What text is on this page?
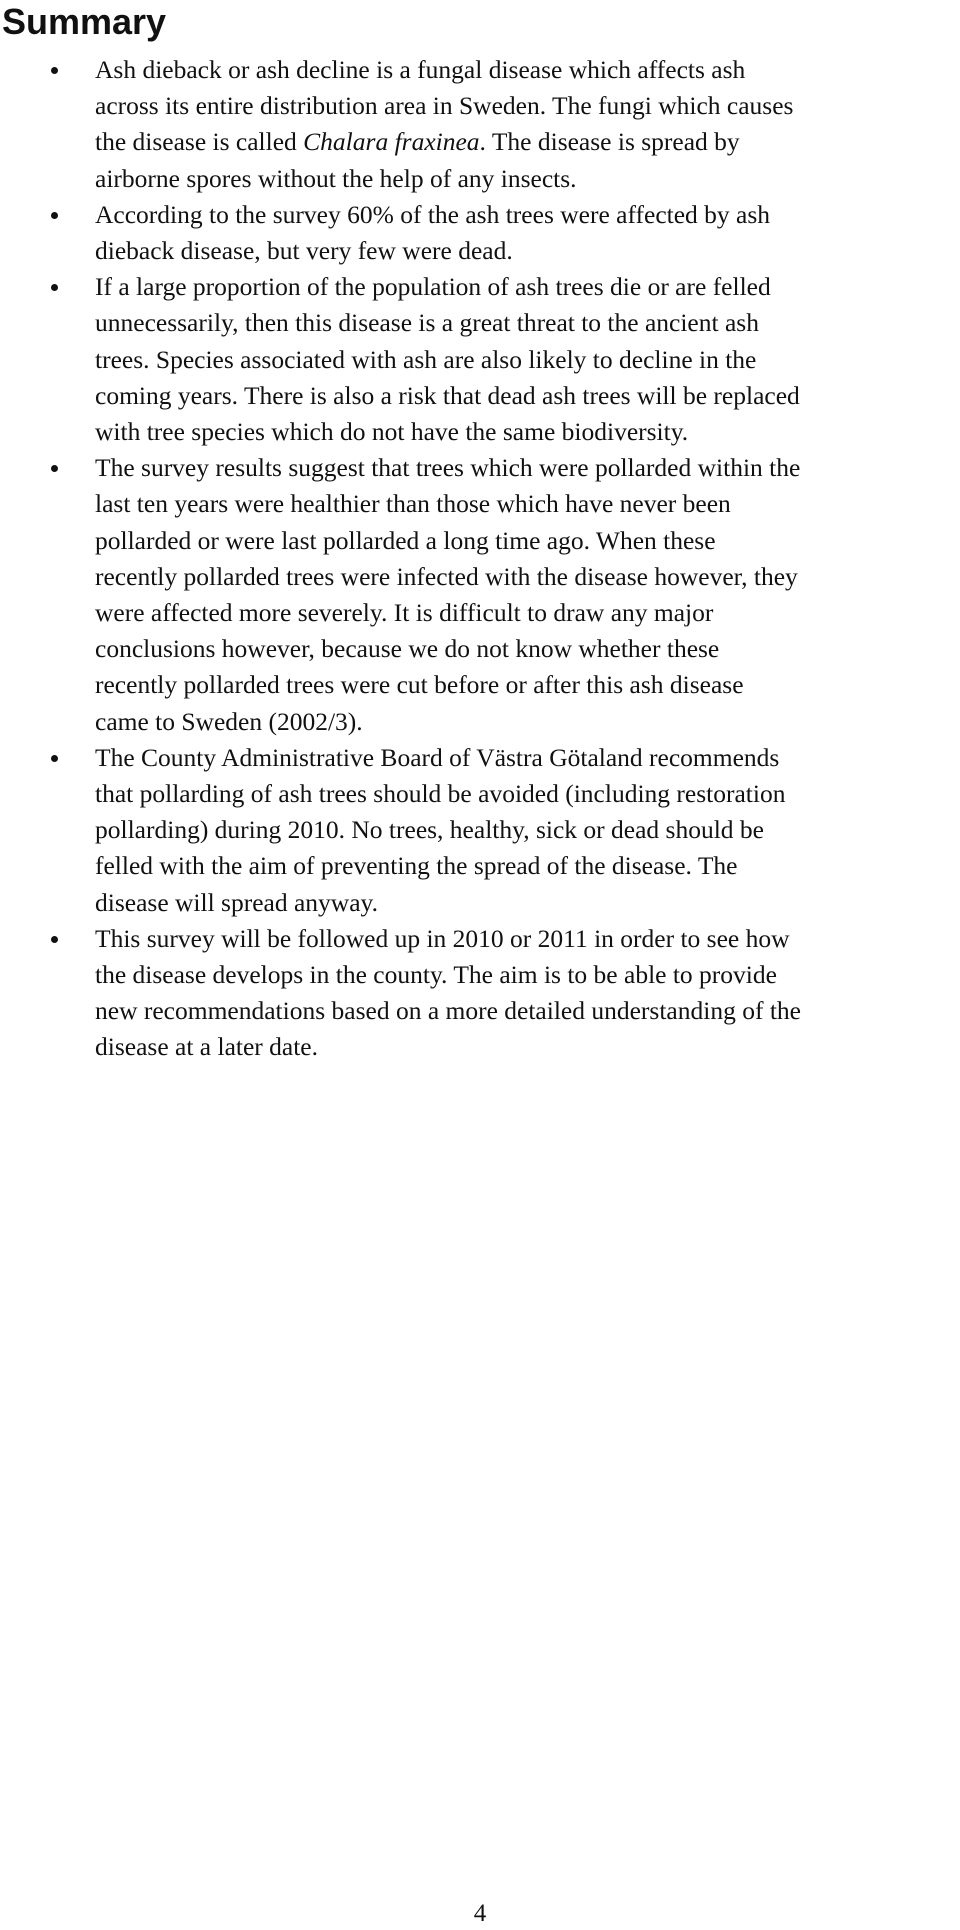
Summary
Ash dieback or ash decline is a fungal disease which affects ash
across its entire distribution area in Sweden. The fungi which causes
the disease is called Chalara fraxinea. The disease is spread by
airborne spores without the help of any insects.
According to the survey 60% of the ash trees were affected by ash
dieback disease, but very few were dead.
If a large proportion of the population of ash trees die or are felled
unnecessarily, then this disease is a great threat to the ancient ash
trees. Species associated with ash are also likely to decline in the
coming years. There is also a risk that dead ash trees will be replaced
with tree species which do not have the same biodiversity.
The survey results suggest that trees which were pollarded within the
last ten years were healthier than those which have never been
pollarded or were last pollarded a long time ago. When these
recently pollarded trees were infected with the disease however, they
were affected more severely. It is difficult to draw any major
conclusions however, because we do not know whether these
recently pollarded trees were cut before or after this ash disease
came to Sweden (2002/3).
The County Administrative Board of Västra Götaland recommends
that pollarding of ash trees should be avoided (including restoration
pollarding) during 2010. No trees, healthy, sick or dead should be
felled with the aim of preventing the spread of the disease. The
disease will spread anyway.
This survey will be followed up in 2010 or 2011 in order to see how
the disease develops in the county. The aim is to be able to provide
new recommendations based on a more detailed understanding of the
disease at a later date.
4
